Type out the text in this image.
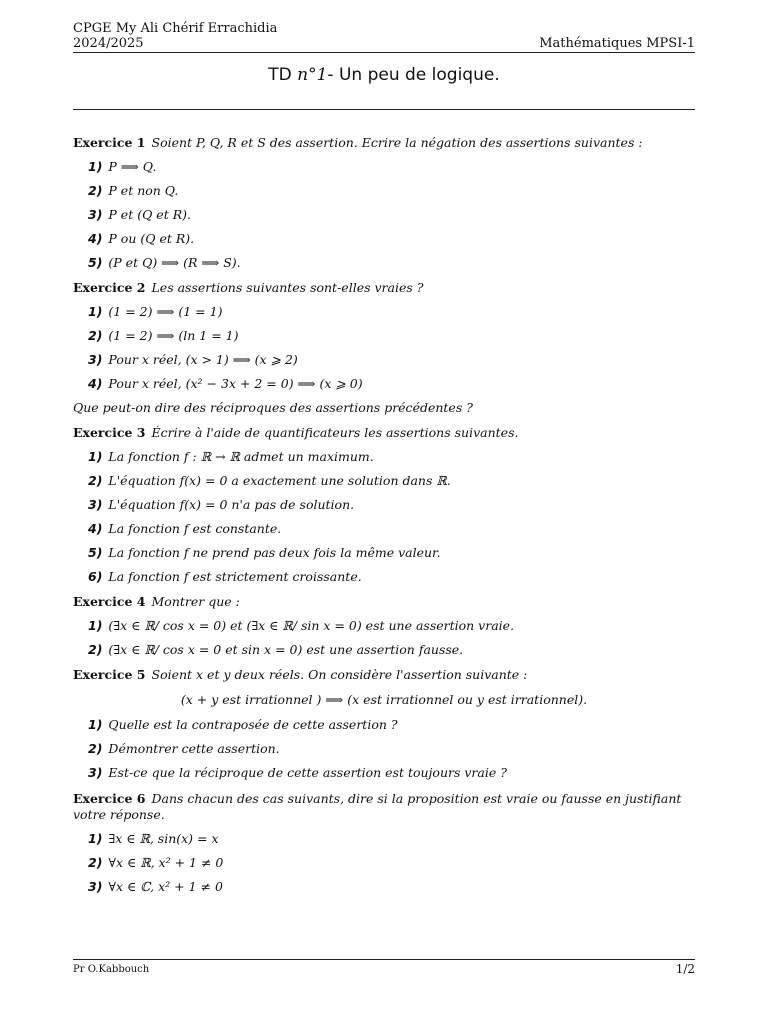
CPGE My Ali Chérif Errachidia
2024/2025	Mathématiques MPSI-1
TD n°1- Un peu de logique.
Exercice 1 Soient P, Q, R et S des assertion. Ecrire la négation des assertions suivantes :
1) P ⟹ Q.
2) P et non Q.
3) P et (Q et R).
4) P ou (Q et R).
5) (P et Q) ⟹ (R ⟹ S).
Exercice 2 Les assertions suivantes sont-elles vraies ?
1) (1 = 2) ⟹ (1 = 1)
2) (1 = 2) ⟹ (ln 1 = 1)
3) Pour x réel, (x > 1) ⟹ (x ⩾ 2)
4) Pour x réel, (x² − 3x + 2 = 0) ⟹ (x ⩾ 0)
Que peut-on dire des réciproques des assertions précédentes ?
Exercice 3 Écrire à l'aide de quantificateurs les assertions suivantes.
1) La fonction f : ℝ → ℝ admet un maximum.
2) L'équation f(x) = 0 a exactement une solution dans ℝ.
3) L'équation f(x) = 0 n'a pas de solution.
4) La fonction f est constante.
5) La fonction f ne prend pas deux fois la même valeur.
6) La fonction f est strictement croissante.
Exercice 4 Montrer que :
1) (∃x ∈ ℝ/ cos x = 0) et (∃x ∈ ℝ/ sin x = 0) est une assertion vraie.
2) (∃x ∈ ℝ/ cos x = 0 et sin x = 0) est une assertion fausse.
Exercice 5 Soient x et y deux réels. On considère l'assertion suivante :
(x + y est irrationnel ) ⟹ (x est irrationnel ou y est irrationnel).
1) Quelle est la contraposée de cette assertion ?
2) Démontrer cette assertion.
3) Est-ce que la réciproque de cette assertion est toujours vraie ?
Exercice 6 Dans chacun des cas suivants, dire si la proposition est vraie ou fausse en justifiant votre réponse.
1) ∃x ∈ ℝ, sin(x) = x
2) ∀x ∈ ℝ, x² + 1 ≠ 0
3) ∀x ∈ ℂ, x² + 1 ≠ 0
Pr O.Kabbouch	1/2
